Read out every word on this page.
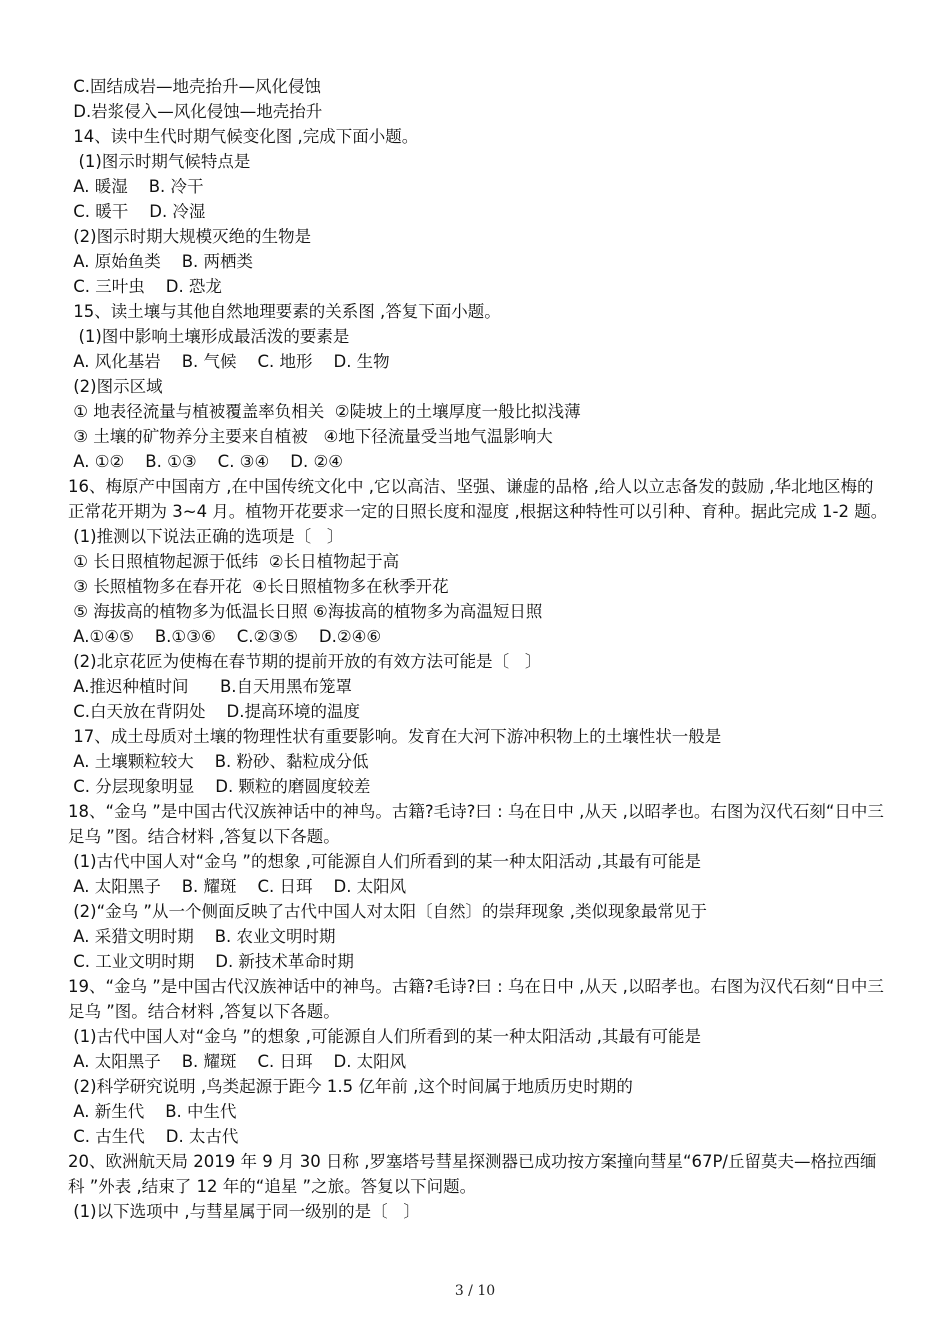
C.固结成岩—地壳抬升—风化侵蚀

D.岩浆侵入—风化侵蚀—地壳抬升

14、读中生代时期气候变化图 ,完成下面小题。

(1)图示时期气候特点是

A. 暖湿    B. 冷干

C. 暖干    D. 冷湿

(2)图示时期大规模灭绝的生物是

A. 原始鱼类    B. 两栖类

C. 三叶虫    D. 恐龙

15、读土壤与其他自然地理要素的关系图 ,答复下面小题。

(1)图中影响土壤形成最活泼的要素是

A. 风化基岩    B. 气候    C. 地形    D. 生物

(2)图示区域

① 地表径流量与植被覆盖率负相关  ②陡坡上的土壤厚度一般比拟浅薄

③ 土壤的矿物养分主要来自植被   ④地下径流量受当地气温影响大

A. ①②    B. ①③    C. ③④    D. ②④

16、梅原产中国南方 ,在中国传统文化中 ,它以高洁、坚强、谦虚的品格 ,给人以立志备发的鼓励 ,华北地区梅的正常花开期为 3~4 月。植物开花要求一定的日照长度和湿度 ,根据这种特性可以引种、育种。据此完成 1-2 题。

(1)推测以下说法正确的选项是〔   〕

① 长日照植物起源于低纬  ②长日植物起于高

③ 长照植物多在春开花  ④长日照植物多在秋季开花

⑤ 海拔高的植物多为低温长日照 ⑥海拔高的植物多为高温短日照

A.①④⑤    B.①③⑥    C.②③⑤    D.②④⑥

(2)北京花匠为使梅在春节期的提前开放的有效方法可能是〔   〕

A.推迟种植时间      B.自天用黑布笼罩

C.白天放在背阴处    D.提高环境的温度

17、成土母质对土壤的物理性状有重要影响。发育在大河下游冲积物上的土壤性状一般是

A. 土壤颗粒较大    B. 粉砂、黏粒成分低

C. 分层现象明显    D. 颗粒的磨圆度较差

18、“金乌 ”是中国古代汉族神话中的神鸟。古籍?毛诗?曰 : 乌在日中 ,从天 ,以昭孝也。右图为汉代石刻“日中三足乌 ”图。结合材料 ,答复以下各题。

(1)古代中国人对“金乌 ”的想象 ,可能源自人们所看到的某一种太阳活动 ,其最有可能是

A. 太阳黑子    B. 耀斑    C. 日珥    D. 太阳风

(2)“金乌 ”从一个侧面反映了古代中国人对太阳〔自然〕的崇拜现象 ,类似现象最常见于

A. 采猎文明时期    B. 农业文明时期

C. 工业文明时期    D. 新技术革命时期

19、“金乌 ”是中国古代汉族神话中的神鸟。古籍?毛诗?曰 : 乌在日中 ,从天 ,以昭孝也。右图为汉代石刻“日中三足乌 ”图。结合材料 ,答复以下各题。

(1)古代中国人对“金乌 ”的想象 ,可能源自人们所看到的某一种太阳活动 ,其最有可能是

A. 太阳黑子    B. 耀斑    C. 日珥    D. 太阳风

(2)科学研究说明 ,鸟类起源于距今 1.5 亿年前 ,这个时间属于地质历史时期的

A. 新生代    B. 中生代

C. 古生代    D. 太古代

20、欧洲航天局 2019 年 9 月 30 日称 ,罗塞塔号彗星探测器已成功按方案撞向彗星“67P/丘留莫夫—格拉西缅科 ”外表 ,结束了 12 年的“追星 ”之旅。答复以下问题。

(1)以下选项中 ,与彗星属于同一级别的是〔   〕

3 / 10
